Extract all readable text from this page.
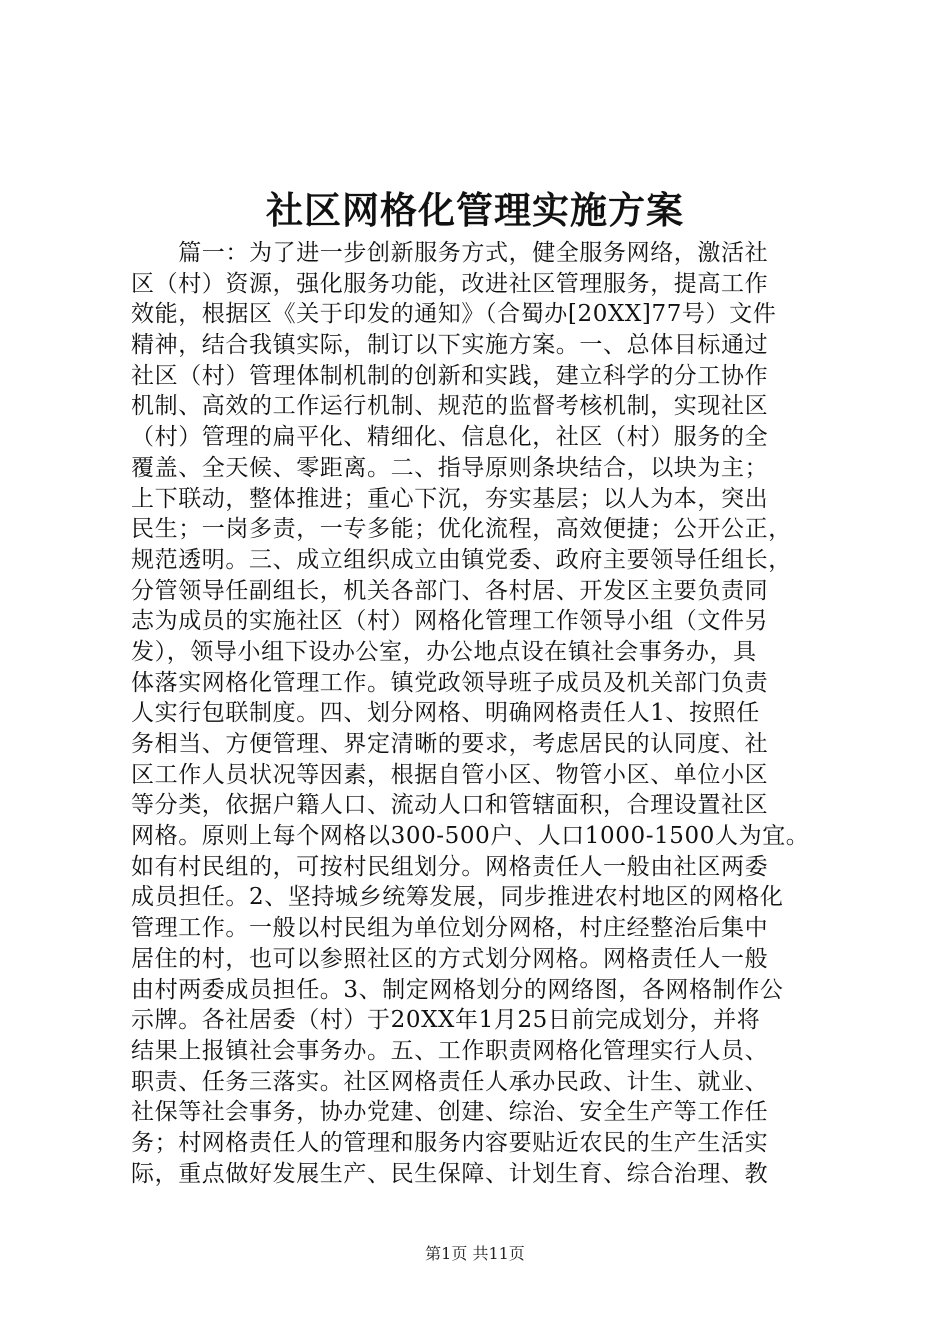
社区网格化管理实施方案
　　篇一：为了进一步创新服务方式，健全服务网络，激活社
区（村）资源，强化服务功能，改进社区管理服务，提高工作
效能，根据区《关于印发的通知》（合蜀办[20XX]77号）文件
精神，结合我镇实际，制订以下实施方案。一、总体目标通过
社区（村）管理体制机制的创新和实践，建立科学的分工协作
机制、高效的工作运行机制、规范的监督考核机制，实现社区
（村）管理的扁平化、精细化、信息化，社区（村）服务的全
覆盖、全天候、零距离。二、指导原则条块结合，以块为主；
上下联动，整体推进；重心下沉，夯实基层；以人为本，突出
民生；一岗多责，一专多能；优化流程，高效便捷；公开公正，
规范透明。三、成立组织成立由镇党委、政府主要领导任组长，
分管领导任副组长，机关各部门、各村居、开发区主要负责同
志为成员的实施社区（村）网格化管理工作领导小组（文件另
发），领导小组下设办公室，办公地点设在镇社会事务办，具
体落实网格化管理工作。镇党政领导班子成员及机关部门负责
人实行包联制度。四、划分网格、明确网格责任人1、按照任
务相当、方便管理、界定清晰的要求，考虑居民的认同度、社
区工作人员状况等因素，根据自管小区、物管小区、单位小区
等分类，依据户籍人口、流动人口和管辖面积，合理设置社区
网格。原则上每个网格以300-500户、人口1000-1500人为宜。
如有村民组的，可按村民组划分。网格责任人一般由社区两委
成员担任。2、坚持城乡统筹发展，同步推进农村地区的网格化
管理工作。一般以村民组为单位划分网格，村庄经整治后集中
居住的村，也可以参照社区的方式划分网格。网格责任人一般
由村两委成员担任。3、制定网格划分的网络图，各网格制作公
示牌。各社居委（村）于20XX年1月25日前完成划分，并将
结果上报镇社会事务办。五、工作职责网格化管理实行人员、
职责、任务三落实。社区网格责任人承办民政、计生、就业、
社保等社会事务，协办党建、创建、综治、安全生产等工作任
务；村网格责任人的管理和服务内容要贴近农民的生产生活实
际，重点做好发展生产、民生保障、计划生育、综合治理、教
第1页 共11页
